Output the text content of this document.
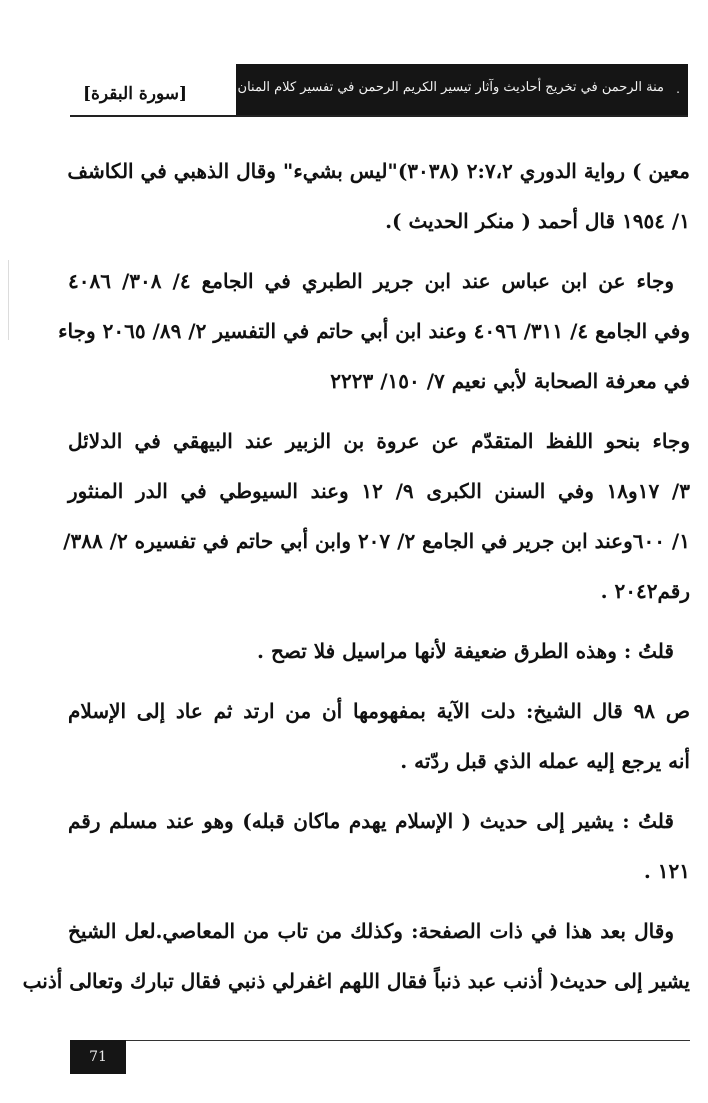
.
منة الرحمن في تخريج أحاديث وآثار تيسير الكريم الرحمن في تفسير كلام المنان
[سورة البقرة]
معين ) رواية الدوري ۲:۷،۲ (۳۰۳۸)"ليس بشيء" وقال الذهبي في الكاشف
١/ ١٩٥٤ قال أحمد ( منكر الحديث ).
وجاء عن ابن عباس عند ابن جرير الطبري في الجامع ٤/ ۳۰۸/ ٤۰۸٦
وفي الجامع ٤/ ۳۱۱/ ٤۰۹٦ وعند ابن أبي حاتم في التفسير ٢/ ٨٩/ ٢٠٦٥ وجاء
في معرفة الصحابة لأبي نعيم ٧/ ١٥٠/ ٢٢٢٣
وجاء بنحو اللفظ المتقدّم عن عروة بن الزبير عند البيهقي في الدلائل
٣/ ١٧و١٨ وفي السنن الكبرى ٩/ ١٢ وعند السيوطي في الدر المنثور
١/ ٦٠٠وعند ابن جرير في الجامع ٢/ ٢٠٧ وابن أبي حاتم في تفسيره ٢/ ٣٨٨/
رقم٢٠٤٢ .
قلتُ : وهذه الطرق ضعيفة لأنها مراسيل فلا تصح .
ص ٩٨ قال الشيخ: دلت الآية بمفهومها أن من ارتد ثم عاد إلى الإسلام
أنه يرجع إليه عمله الذي قبل ردّته .
قلتُ : يشير إلى حديث ( الإسلام يهدم ماكان قبله) وهو عند مسلم رقم
١٢١ .
وقال بعد هذا في ذات الصفحة: وكذلك من تاب من المعاصي.لعل الشيخ
يشير إلى حديث( أذنب عبد ذنباً فقال اللهم اغفرلي ذنبي فقال تبارك وتعالى أذنب
71
